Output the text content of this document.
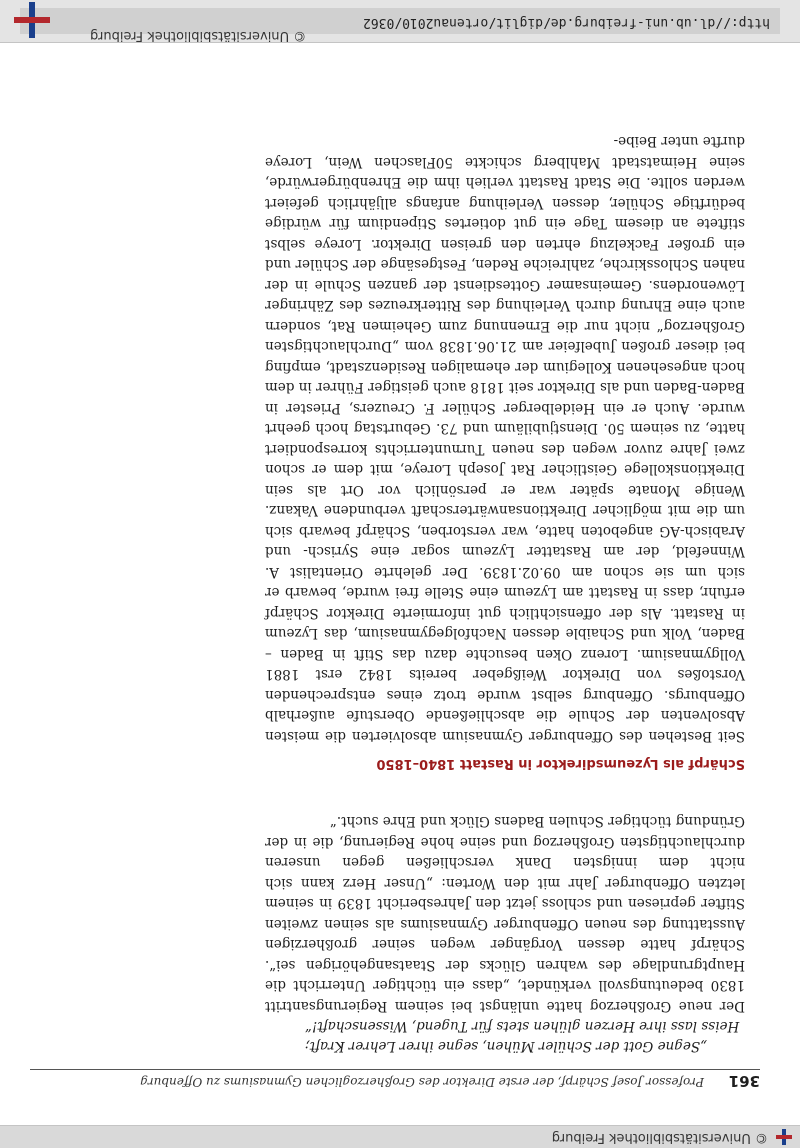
© Universitätsbibliothek Freiburg
361
Professor Josef Schärpf, der erste Direktor des Großherzoglichen Gymnasiums zu Offenburg
„Segne Gott der Schüler Mühen, segne ihrer Lehrer Kraft;
Heiss lass ihre Herzen glühen stets für Tugend, Wissenschaft!“

Der neue Großherzog hatte unlängst bei seinem Regierungsantritt 1830 bedeutungsvoll verkündet, „dass ein tüchtiger Unterricht die Hauptgrundlage des wahren Glücks der Staatsangehörigen sei“. Schärpf hatte dessen Vorgänger wegen seiner großherzigen Ausstattung des neuen Offenburger Gymnasiums als seinen zweiten Stifter gepriesen und schloss jetzt den Jahresbericht 1839 in seinem letzten Offenburger Jahr mit den Worten: „Unser Herz kann sich nicht dem innigsten Dank verschließen gegen unseren durchlauchtigsten Großherzog und seine hohe Regierung, die in der Gründung tüchtiger Schulen Badens Glück und Ehre sucht.“

Schärpf als Lyzeumsdirektor in Rastatt 1840–1850

Seit Bestehen des Offenburger Gymnasium absolvierten die meisten Absolventen der Schule die abschließende Oberstufe außerhalb Offenburgs. Offenburg selbst wurde trotz eines entsprechenden Vorstoßes von Direktor Weißgeber bereits 1842 erst 1881 Vollgymnasium. Lorenz Oken besuchte dazu das Stift in Baden – Baden, Volk und Schaible dessen Nachfolgegymnasium, das Lyzeum in Rastatt. Als der offensichtlich gut informierte Direktor Schärpf erfuhr, dass in Rastatt am Lyzeum eine Stelle frei wurde, bewarb er sich um sie schon am 09.02.1839. Der gelehrte Orientalist A. Winnefeld, der am Rastatter Lyzeum sogar eine Syrisch- und Arabisch-AG angeboten hatte, war verstorben, Schärpf bewarb sich um die mit möglicher Direktionsanwärterschaft verbundene Vakanz. Wenige Monate später war er persönlich vor Ort als sein Direktionskollege Geistlicher Rat Joseph Loreye, mit dem er schon zwei Jahre zuvor wegen des neuen Turnunterrichts korrespondiert hatte, zu seinem 50. Dienstjubiläum und 73. Geburtstag hoch geehrt wurde. Auch er ein Heidelberger Schüler F. Creuzers, Priester in Baden-Baden und als Direktor seit 1818 auch geistiger Führer in dem hoch angesehenen Kollegium der ehemaligen Residenzstadt, empfing bei dieser großen Jubelfeier am 21.06.1838 vom „Durchlauchtigsten Großherzog“ nicht nur die Ernennung zum Geheimen Rat, sondern auch eine Ehrung durch Verleihung des Ritterkreuzes des Zähringer Löwenordens. Gemeinsamer Gottesdienst der ganzen Schule in der nahen Schlosskirche, zahlreiche Reden, Festgesänge der Schüler und ein großer Fackelzug ehrten den greisen Direktor. Loreye selbst stiftete an diesem Tage ein gut dotiertes Stipendium für würdige bedürftige Schüler, dessen Verleihung anfangs alljährlich gefeiert werden sollte. Die Stadt Rastatt verlieh ihm die Ehrenbürgerwürde, seine Heimatstadt Mahlberg schickte 50Flaschen Wein, Loreye durfte unter Beibe-

http://dl.ub.uni-freiburg.de/diglit/ortenau2010/0362
© Universitätsbibliothek Freiburg
